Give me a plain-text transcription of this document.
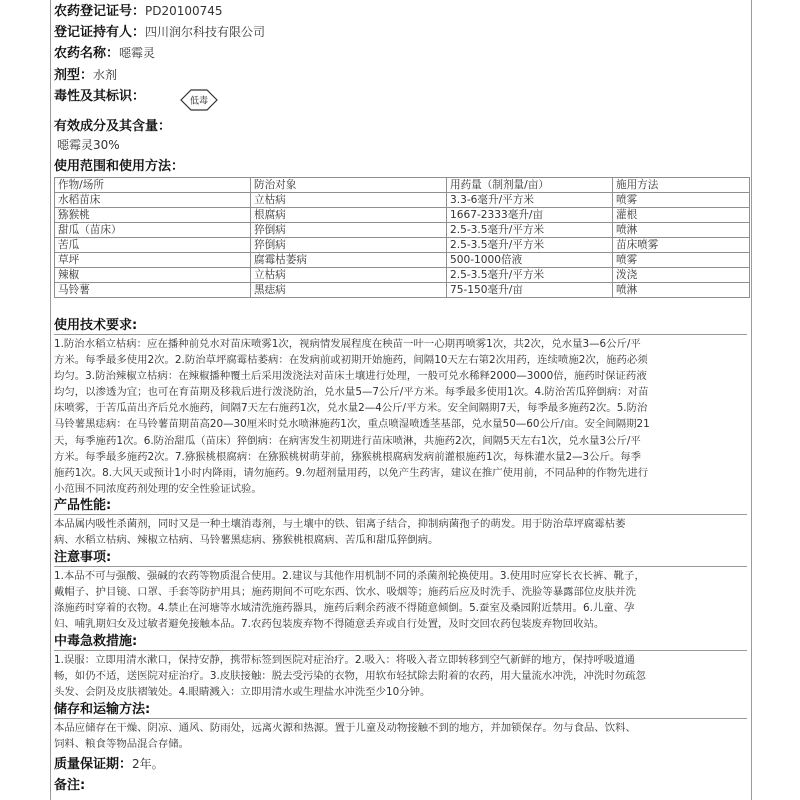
农药登记证号：PD20100745
登记证持有人：四川润尔科技有限公司
农药名称：噁霉灵
剂型：水剂
毒性及其标识：	低毒
有效成分及其含量：
噁霉灵30%
使用范围和使用方法：
作物/场所	防治对象	用药量（制剂量/亩）	施用方法
水稻苗床	立枯病	3.3-6毫升/平方米	喷雾
猕猴桃	根腐病	1667-2333毫升/亩	灌根
甜瓜（苗床）	猝倒病	2.5-3.5毫升/平方米	喷淋
苦瓜	猝倒病	2.5-3.5毫升/平方米	苗床喷雾
草坪	腐霉枯萎病	500-1000倍液	喷雾
辣椒	立枯病	2.5-3.5毫升/平方米	泼浇
马铃薯	黑痣病	75-150毫升/亩	喷淋
使用技术要求:
1.防治水稻立枯病：应在播种前兑水对苗床喷雾1次，视病情发展程度在秧苗一叶一心期再喷雾1次，共2次，兑水量3—6公斤/平
方米。每季最多使用2次。2.防治草坪腐霉枯萎病：在发病前或初期开始施药，间隔10天左右第2次用药，连续喷施2次，施药必须
均匀。3.防治辣椒立枯病：在辣椒播种覆土后采用泼浇法对苗床土壤进行处理，一般可兑水稀释2000—3000倍，施药时保证药液
均匀，以渗透为宜；也可在育苗期及移栽后进行泼浇防治，兑水量5—7公斤/平方米。每季最多使用1次。4.防治苦瓜猝倒病：对苗
床喷雾，于苦瓜苗出齐后兑水施药，间隔7天左右施药1次，兑水量2—4公斤/平方米。安全间隔期7天，每季最多施药2次。5.防治
马铃薯黑痣病：在马铃薯苗期苗高20—30厘米时兑水喷淋施药1次，重点喷湿喷透茎基部，兑水量50—60公斤/亩。安全间隔期21
天，每季施药1次。6.防治甜瓜（苗床）猝倒病：在病害发生初期进行苗床喷淋，共施药2次，间隔5天左右1次，兑水量3公斤/平
方米。每季最多施药2次。7.猕猴桃根腐病：在猕猴桃树萌芽前，猕猴桃根腐病发病前灌根施药1次，每株灌水量2—3公斤。每季
施药1次。8.大风天或预计1小时内降雨，请勿施药。9.勿超剂量用药，以免产生药害，建议在推广使用前，不同品种的作物先进行
小范围不同浓度药剂处理的安全性验证试验。
产品性能:
本品属内吸性杀菌剂，同时又是一种土壤消毒剂，与土壤中的铁、铝离子结合，抑制病菌孢子的萌发。用于防治草坪腐霉枯萎
病、水稻立枯病、辣椒立枯病、马铃薯黑痣病、猕猴桃根腐病、苦瓜和甜瓜猝倒病。
注意事项:
1.本品不可与强酸、强碱的农药等物质混合使用。2.建议与其他作用机制不同的杀菌剂轮换使用。3.使用时应穿长衣长裤、靴子，
戴帽子、护目镜、口罩、手套等防护用具；施药期间不可吃东西、饮水、吸烟等；施药后应及时洗手、洗脸等暴露部位皮肤并洗
涤施药时穿着的衣物。4.禁止在河塘等水域清洗施药器具，施药后剩余药液不得随意倾倒。5.蚕室及桑园附近禁用。6.儿童、孕
妇、哺乳期妇女及过敏者避免接触本品。7.农药包装废弃物不得随意丢弃或自行处置，及时交回农药包装废弃物回收站。
中毒急救措施:
1.误服：立即用清水漱口，保持安静，携带标签到医院对症治疗。2.吸入：将吸入者立即转移到空气新鲜的地方，保持呼吸道通
畅，如仍不适，送医院对症治疗。3.皮肤接触：脱去受污染的衣物，用软布轻拭除去附着的农药，用大量流水冲洗，冲洗时勿疏忽
头发、会阴及皮肤褶皱处。4.眼睛溅入：立即用清水或生理盐水冲洗至少10分钟。
储存和运输方法:
本品应储存在干燥、阴凉、通风、防雨处，远离火源和热源。置于儿童及动物接触不到的地方，并加锁保存。勿与食品、饮料、
饲料、粮食等物品混合存储。
质量保证期：2年。
备注:
